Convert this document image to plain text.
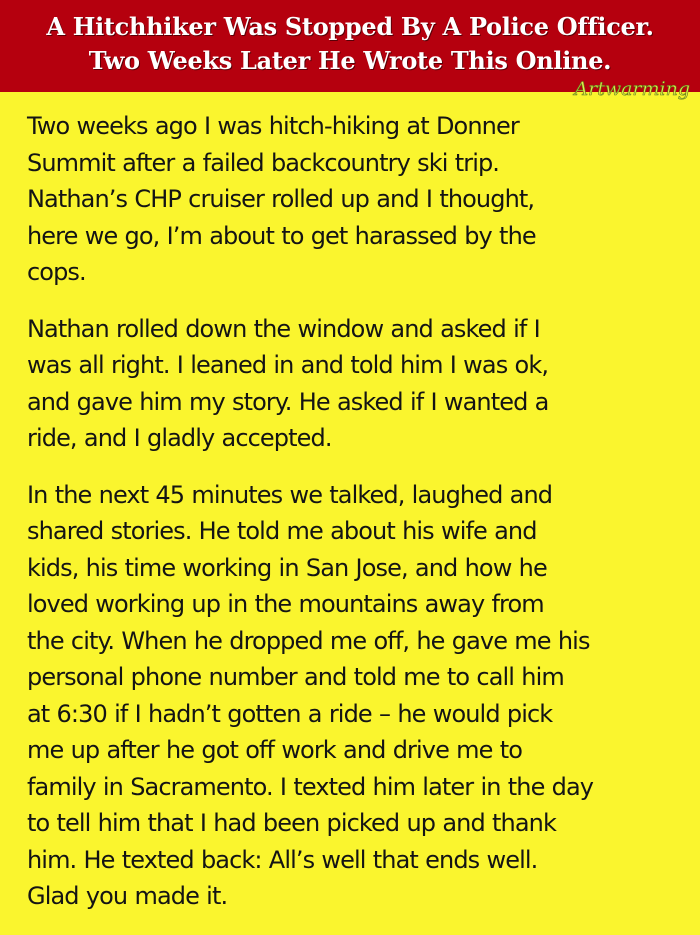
A Hitchhiker Was Stopped By A Police Officer.
Two Weeks Later He Wrote This Online.
Artwarming

Two weeks ago I was hitch-hiking at Donner
Summit after a failed backcountry ski trip.
Nathan’s CHP cruiser rolled up and I thought,
here we go, I’m about to get harassed by the
cops.

Nathan rolled down the window and asked if I
was all right. I leaned in and told him I was ok,
and gave him my story. He asked if I wanted a
ride, and I gladly accepted.

In the next 45 minutes we talked, laughed and
shared stories. He told me about his wife and
kids, his time working in San Jose, and how he
loved working up in the mountains away from
the city. When he dropped me off, he gave me his
personal phone number and told me to call him
at 6:30 if I hadn’t gotten a ride – he would pick
me up after he got off work and drive me to
family in Sacramento. I texted him later in the day
to tell him that I had been picked up and thank
him. He texted back: All’s well that ends well.
Glad you made it.
